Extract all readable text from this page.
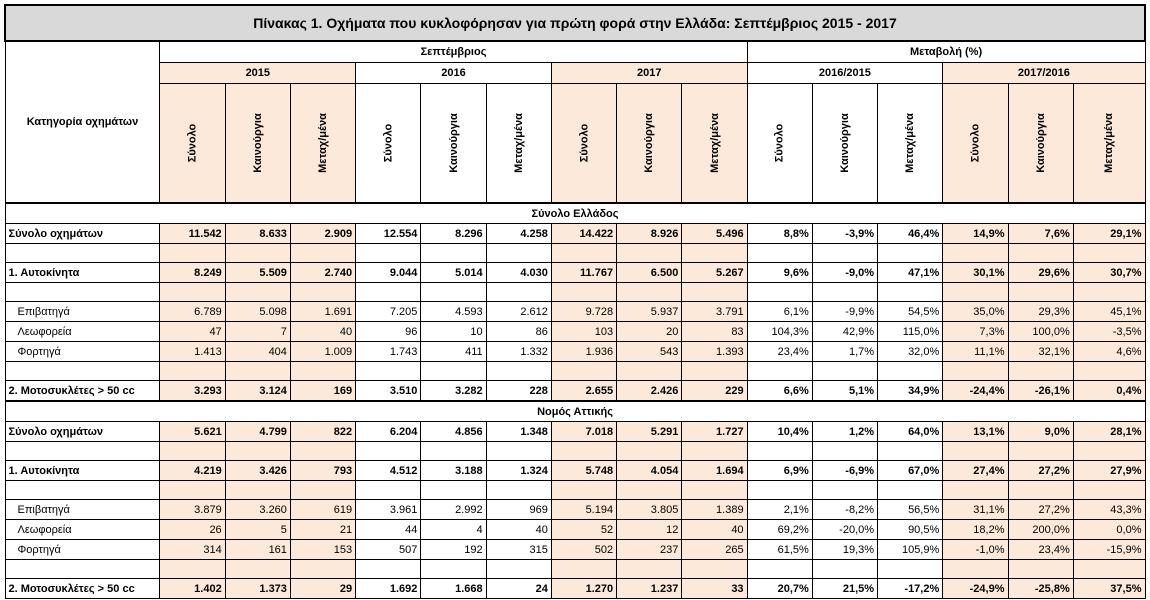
Πίνακας 1. Οχήματα που κυκλοφόρησαν για πρώτη φορά στην Ελλάδα: Σεπτέμβριος 2015 - 2017															
Κατηγορία οχημάτων	Σεπτέμβριος									Μεταβολή (%)					
	2015			2016			2017			2016/2015			2017/2016		
	Σύνολο	Καινούργια	Μεταχ/μένα	Σύνολο	Καινούργια	Μεταχ/μένα	Σύνολο	Καινούργια	Μεταχ/μένα	Σύνολο	Καινούργια	Μεταχ/μένα	Σύνολο	Καινούργια	Μεταχ/μένα
Σύνολο Ελλάδος															
Σύνολο οχημάτων	11.542	8.633	2.909	12.554	8.296	4.258	14.422	8.926	5.496	8,8%	-3,9%	46,4%	14,9%	7,6%	29,1%

1. Αυτοκίνητα	8.249	5.509	2.740	9.044	5.014	4.030	11.767	6.500	5.267	9,6%	-9,0%	47,1%	30,1%	29,6%	30,7%

Επιβατηγά	6.789	5.098	1.691	7.205	4.593	2.612	9.728	5.937	3.791	6,1%	-9,9%	54,5%	35,0%	29,3%	45,1%
Λεωφορεία	47	7	40	96	10	86	103	20	83	104,3%	42,9%	115,0%	7,3%	100,0%	-3,5%
Φορτηγά	1.413	404	1.009	1.743	411	1.332	1.936	543	1.393	23,4%	1,7%	32,0%	11,1%	32,1%	4,6%

2. Μοτοσυκλέτες > 50 cc	3.293	3.124	169	3.510	3.282	228	2.655	2.426	229	6,6%	5,1%	34,9%	-24,4%	-26,1%	0,4%
Νομός Αττικής															
Σύνολο οχημάτων	5.621	4.799	822	6.204	4.856	1.348	7.018	5.291	1.727	10,4%	1,2%	64,0%	13,1%	9,0%	28,1%

1. Αυτοκίνητα	4.219	3.426	793	4.512	3.188	1.324	5.748	4.054	1.694	6,9%	-6,9%	67,0%	27,4%	27,2%	27,9%

Επιβατηγά	3.879	3.260	619	3.961	2.992	969	5.194	3.805	1.389	2,1%	-8,2%	56,5%	31,1%	27,2%	43,3%
Λεωφορεία	26	5	21	44	4	40	52	12	40	69,2%	-20,0%	90,5%	18,2%	200,0%	0,0%
Φορτηγά	314	161	153	507	192	315	502	237	265	61,5%	19,3%	105,9%	-1,0%	23,4%	-15,9%

2. Μοτοσυκλέτες > 50 cc	1.402	1.373	29	1.692	1.668	24	1.270	1.237	33	20,7%	21,5%	-17,2%	-24,9%	-25,8%	37,5%
